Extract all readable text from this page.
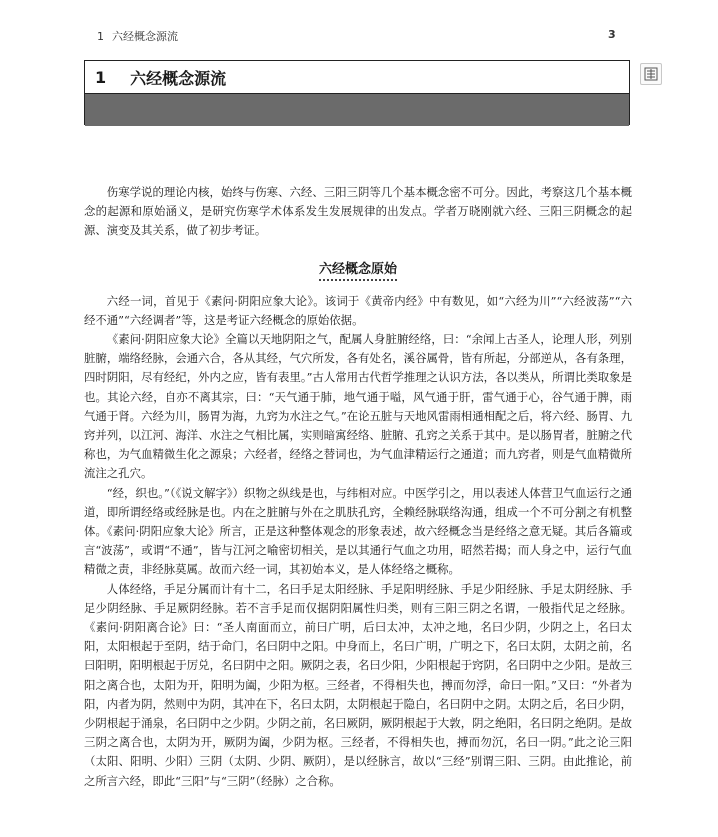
1 六经概念源流	3
1 六经概念源流

伤寒学说的理论内核，始终与伤寒、六经、三阳三阴等几个基本概念密不可分。因此，考察这几个基本概念的起源和原始涵义，是研究伤寒学术体系发生发展规律的出发点。学者万晓刚就六经、三阳三阴概念的起源、演变及其关系，做了初步考证。

六经概念原始

六经一词，首见于《素问·阴阳应象大论》。该词于《黄帝内经》中有数见，如“六经为川”“六经波荡”“六经不通”“六经调者”等，这是考证六经概念的原始依据。

《素问·阴阳应象大论》全篇以天地阴阳之气，配属人身脏腑经络，曰：“余闻上古圣人，论理人形，列别脏腑，端络经脉，会通六合，各从其经，气穴所发，各有处名，溪谷属骨，皆有所起，分部逆从，各有条理，四时阴阳，尽有经纪，外内之应，皆有表里。”古人常用古代哲学推理之认识方法，各以类从，所谓比类取象是也。其论六经，自亦不离其宗，曰：“天气通于肺，地气通于嗌，风气通于肝，雷气通于心，谷气通于脾，雨气通于肾。六经为川，肠胃为海，九窍为水注之气。”在论五脏与天地风雷雨相通相配之后，将六经、肠胃、九窍并列，以江河、海洋、水注之气相比属，实则暗寓经络、脏腑、孔窍之关系于其中。是以肠胃者，脏腑之代称也，为气血精微生化之源泉；六经者，经络之替词也，为气血津精运行之通道；而九窍者，则是气血精微所流注之孔穴。

“经，织也。”（《说文解字》）织物之纵线是也，与纬相对应。中医学引之，用以表述人体营卫气血运行之通道，即所谓经络或经脉是也。内在之脏腑与外在之肌肤孔窍，全赖经脉联络沟通，组成一个不可分割之有机整体。《素问·阴阳应象大论》所言，正是这种整体观念的形象表述，故六经概念当是经络之意无疑。其后各篇或言“波荡”，或谓“不通”，皆与江河之喻密切相关，是以其通行气血之功用，昭然若揭；而人身之中，运行气血精微之责，非经脉莫属。故而六经一词，其初始本义，是人体经络之概称。

人体经络，手足分属而计有十二，名曰手足太阳经脉、手足阳明经脉、手足少阳经脉、手足太阴经脉、手足少阴经脉、手足厥阴经脉。若不言手足而仅据阴阳属性归类，则有三阳三阴之名谓，一般指代足之经脉。《素问·阴阳离合论》曰：“圣人南面而立，前曰广明，后曰太冲，太冲之地，名曰少阴，少阴之上，名曰太阳，太阳根起于至阴，结于命门，名曰阴中之阳。中身而上，名曰广明，广明之下，名曰太阴，太阴之前，名曰阳明，阳明根起于厉兑，名曰阴中之阳。厥阴之表，名曰少阳，少阳根起于窍阴，名曰阴中之少阳。是故三阳之离合也，太阳为开，阳明为阖，少阳为枢。三经者，不得相失也，搏而勿浮，命曰一阳。”又曰：“外者为阳，内者为阴，然则中为阴，其冲在下，名曰太阴，太阴根起于隐白，名曰阴中之阴。太阴之后，名曰少阴，少阴根起于涌泉，名曰阴中之少阴。少阴之前，名曰厥阴，厥阴根起于大敦，阴之绝阳，名曰阴之绝阴。是故三阴之离合也，太阴为开，厥阴为阖，少阴为枢。三经者，不得相失也，搏而勿沉，名曰一阴。”此之论三阳（太阳、阳明、少阳）三阴（太阴、少阴、厥阴），是以经脉言，故以“三经”别谓三阳、三阴。由此推论，前之所言六经，即此“三阳”与“三阴”（经脉）之合称。
